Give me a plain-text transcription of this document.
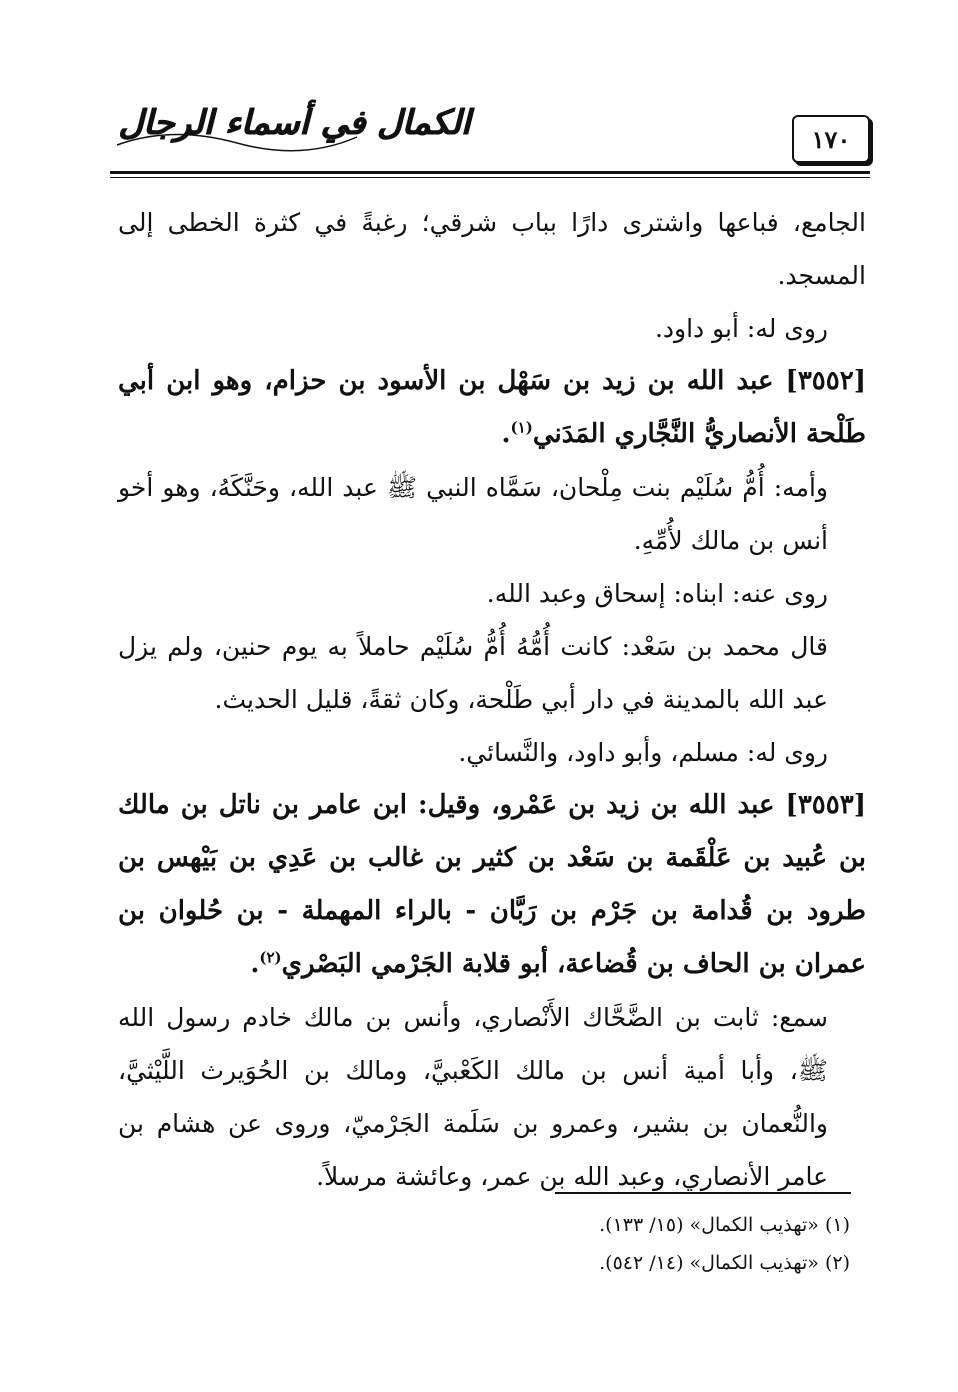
الكمال في أسماء الرجال	١٧٠

الجامع، فباعها واشترى دارًا بباب شرقي؛ رغبةً في كثرة الخطى إلى المسجد.

روى له: أبو داود.

[٣٥٥٢] عبد الله بن زيد بن سَهْل بن الأسود بن حزام، وهو ابن أبي طَلْحة الأنصاريُّ النَّجَّاري المَدَني$^{(١)}$.

وأمه: أُمُّ سُلَيْم بنت مِلْحان، سَمَّاه النبي ﷺ عبد الله، وحَنَّكَهُ، وهو أخو أنس بن مالك لأُمِّهِ.

روى عنه: ابناه: إسحاق وعبد الله.

قال محمد بن سَعْد: كانت أُمُّهُ أُمُّ سُلَيْم حاملاً به يوم حنين، ولم يزل عبد الله بالمدينة في دار أبي طَلْحة، وكان ثقةً، قليل الحديث.

روى له: مسلم، وأبو داود، والنَّسائي.

[٣٥٥٣] عبد الله بن زيد بن عَمْرو، وقيل: ابن عامر بن ناتل بن مالك بن عُبيد بن عَلْقَمة بن سَعْد بن كثير بن غالب بن عَدِي بن بَيْهس بن طرود بن قُدامة بن جَرْم بن رَبَّان - بالراء المهملة - بن حُلوان بن عمران بن الحاف بن قُضاعة، أبو قلابة الجَرْمي البَصْري$^{(٢)}$.

سمع: ثابت بن الضَّحَّاك الأَنْصاري، وأنس بن مالك خادم رسول الله ﷺ، وأبا أمية أنس بن مالك الكَعْبيَّ، ومالك بن الحُوَيرث اللَّيْثيَّ، والنُّعمان بن بشير، وعمرو بن سَلَمة الجَرْميّ، وروى عن هشام بن عامر الأنصاري، وعبد الله بن عمر، وعائشة مرسلاً.

(١) «تهذيب الكمال» (١٥/ ١٣٣).

(٢) «تهذيب الكمال» (١٤/ ٥٤٢).
